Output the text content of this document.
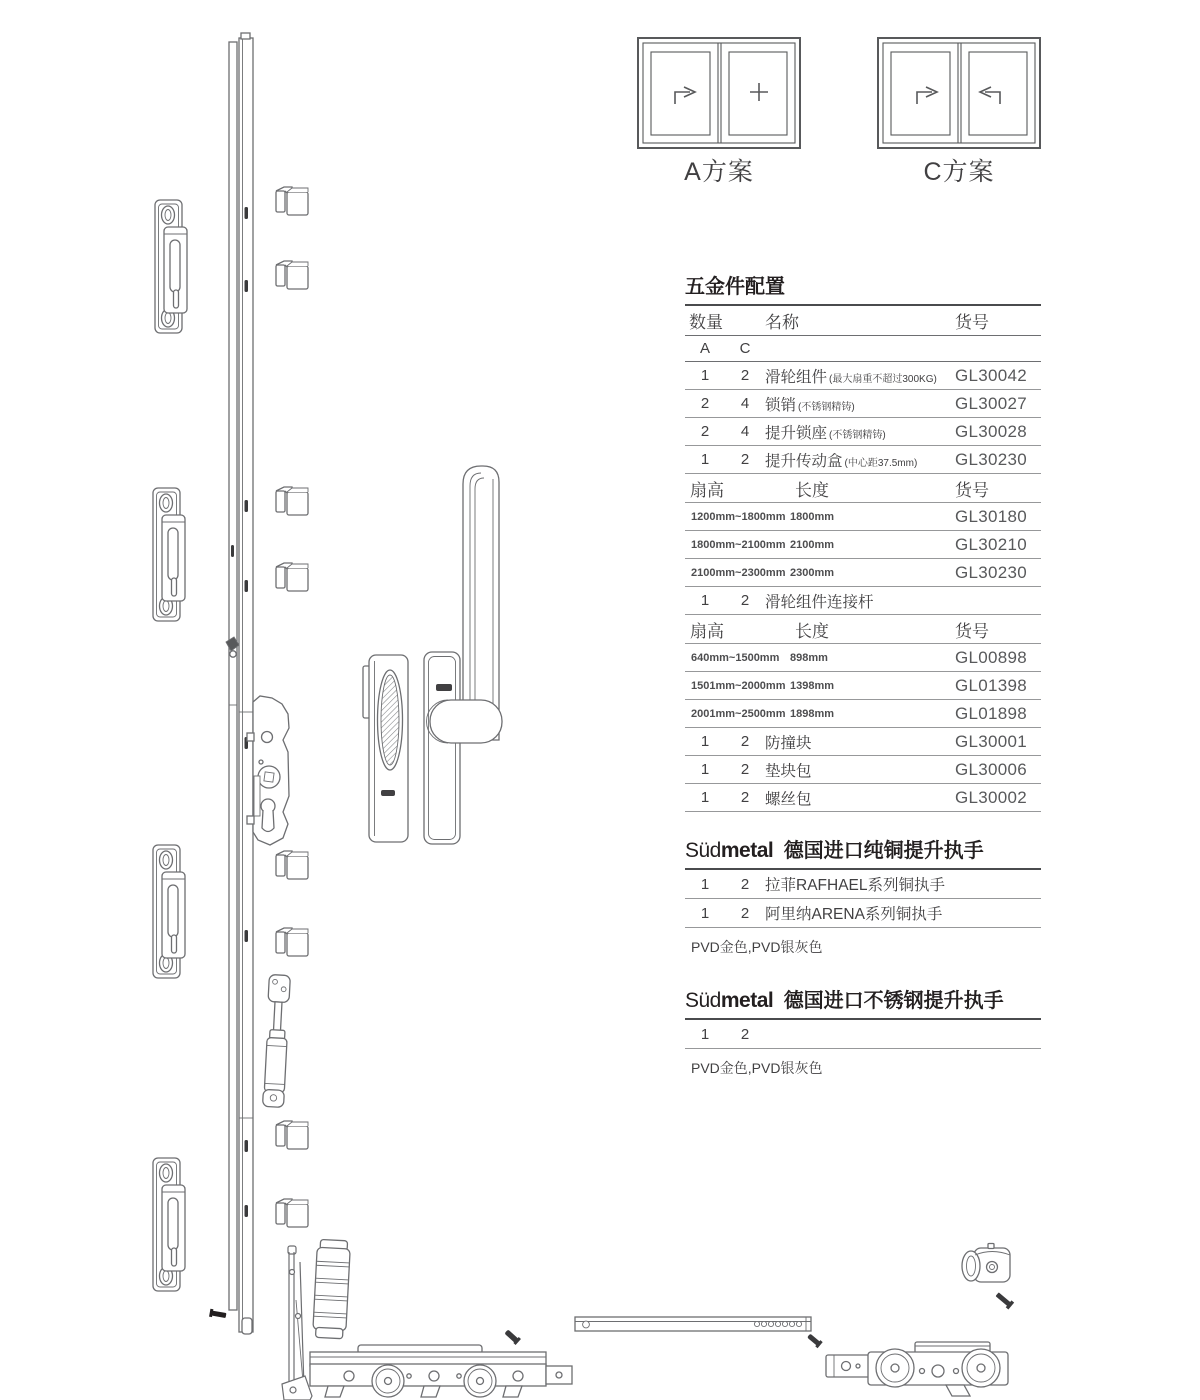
A方案	C方案
五金件配置
数量	名称	货号
A	C
1	2	滑轮组件 (最大扇重不超过300KG)	GL30042
2	4	锁销 (不锈钢精铸)	GL30027
2	4	提升锁座 (不锈钢精铸)	GL30028
1	2	提升传动盒 (中心距37.5mm)	GL30230
扇高	长度	货号
1200mm~1800mm 1800mm	GL30180
1800mm~2100mm 2100mm	GL30210
2100mm~2300mm 2300mm	GL30230
1	2	滑轮组件连接杆
扇高	长度	货号
640mm~1500mm 898mm	GL00898
1501mm~2000mm 1398mm	GL01398
2001mm~2500mm 1898mm	GL01898
1	2	防撞块	GL30001
1	2	垫块包	GL30006
1	2	螺丝包	GL30002
Südmetal 德国进口纯铜提升执手
1	2	拉菲RAFHAEL系列铜执手
1	2	阿里纳ARENA系列铜执手
PVD金色,PVD银灰色
Südmetal 德国进口不锈钢提升执手
1	2
PVD金色,PVD银灰色
